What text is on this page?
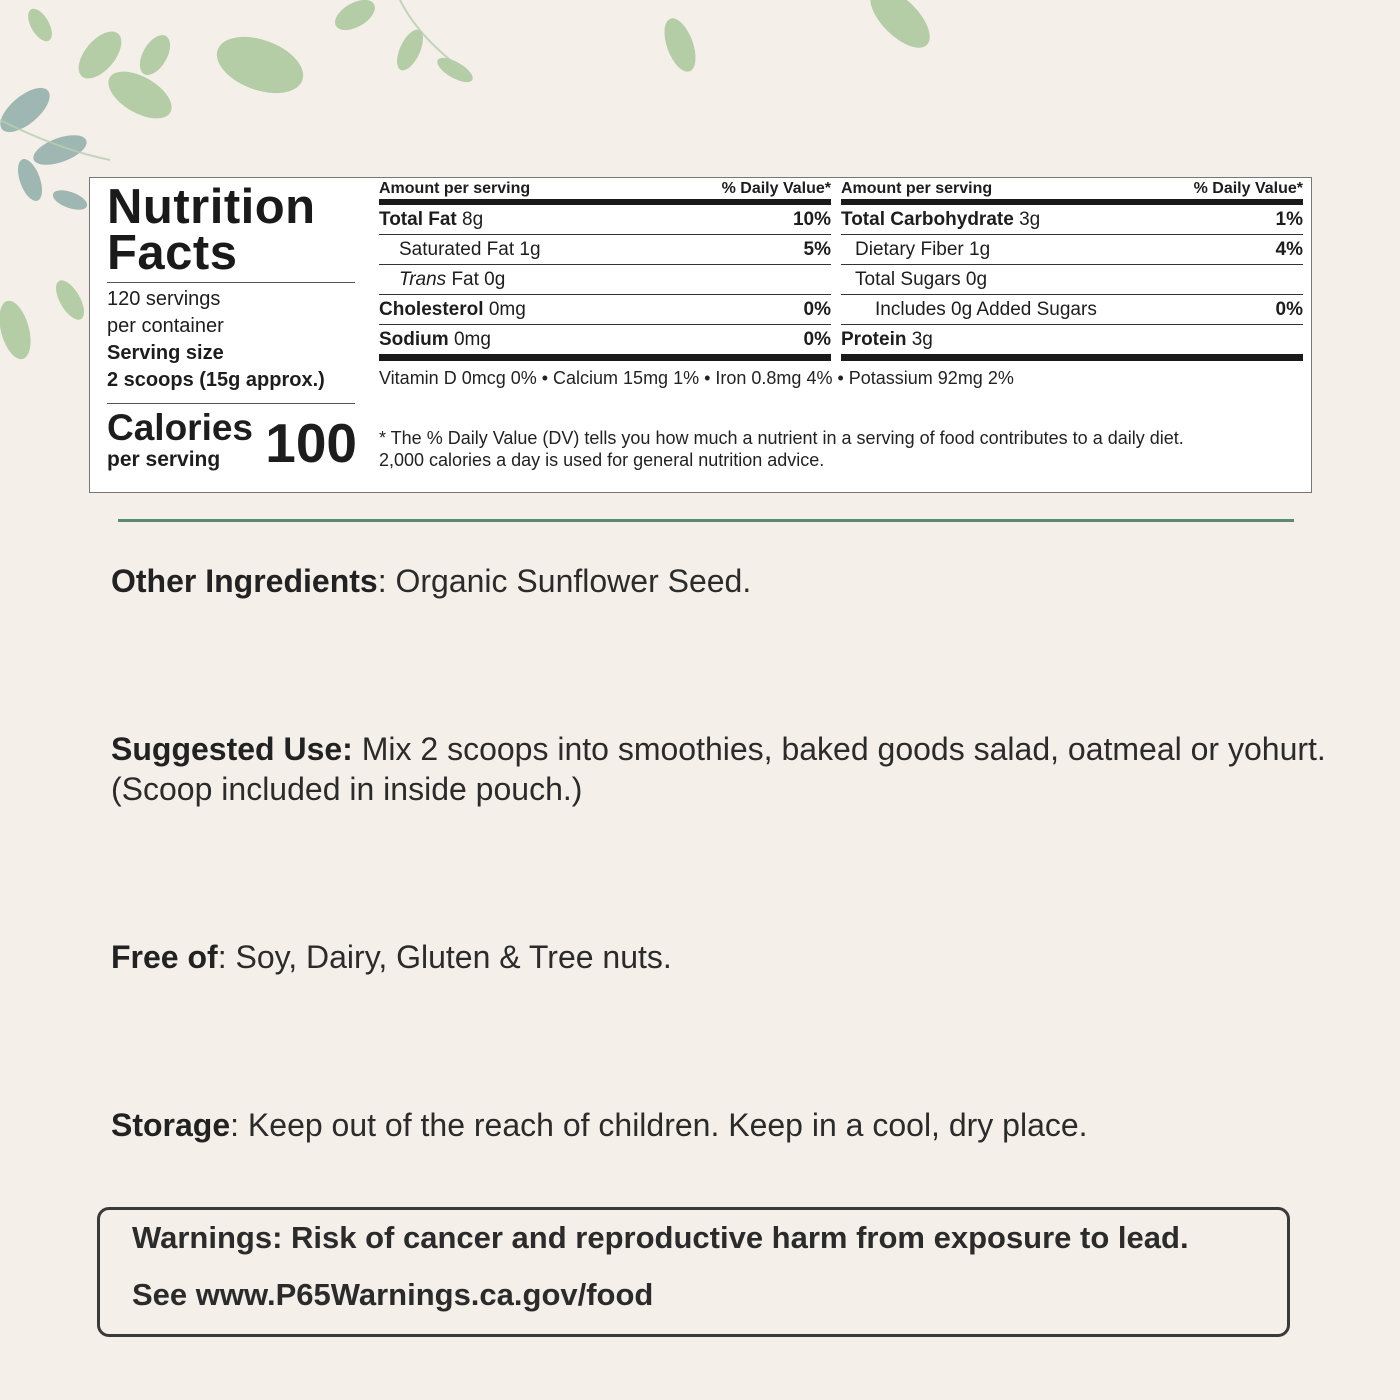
Nutrition
Facts
120 servings
per container
Serving size
2 scoops (15g approx.)
Calories
per serving 100
Amount per serving	% Daily Value*
Total Fat 8g	10%
Saturated Fat 1g	5%
Trans Fat 0g
Cholesterol 0mg	0%
Sodium 0mg	0%
Amount per serving	% Daily Value*
Total Carbohydrate 3g	1%
Dietary Fiber 1g	4%
Total Sugars 0g
Includes 0g Added Sugars	0%
Protein 3g
Vitamin D 0mcg 0% • Calcium 15mg 1% • Iron 0.8mg 4% • Potassium 92mg 2%
* The % Daily Value (DV) tells you how much a nutrient in a serving of food contributes to a daily diet.
2,000 calories a day is used for general nutrition advice.
Other Ingredients: Organic Sunflower Seed.
Suggested Use: Mix 2 scoops into smoothies, baked goods salad, oatmeal or yohurt. (Scoop included in inside pouch.)
Free of: Soy, Dairy, Gluten & Tree nuts.
Storage: Keep out of the reach of children. Keep in a cool, dry place.
Warnings: Risk of cancer and reproductive harm from exposure to lead.
See www.P65Warnings.ca.gov/food
